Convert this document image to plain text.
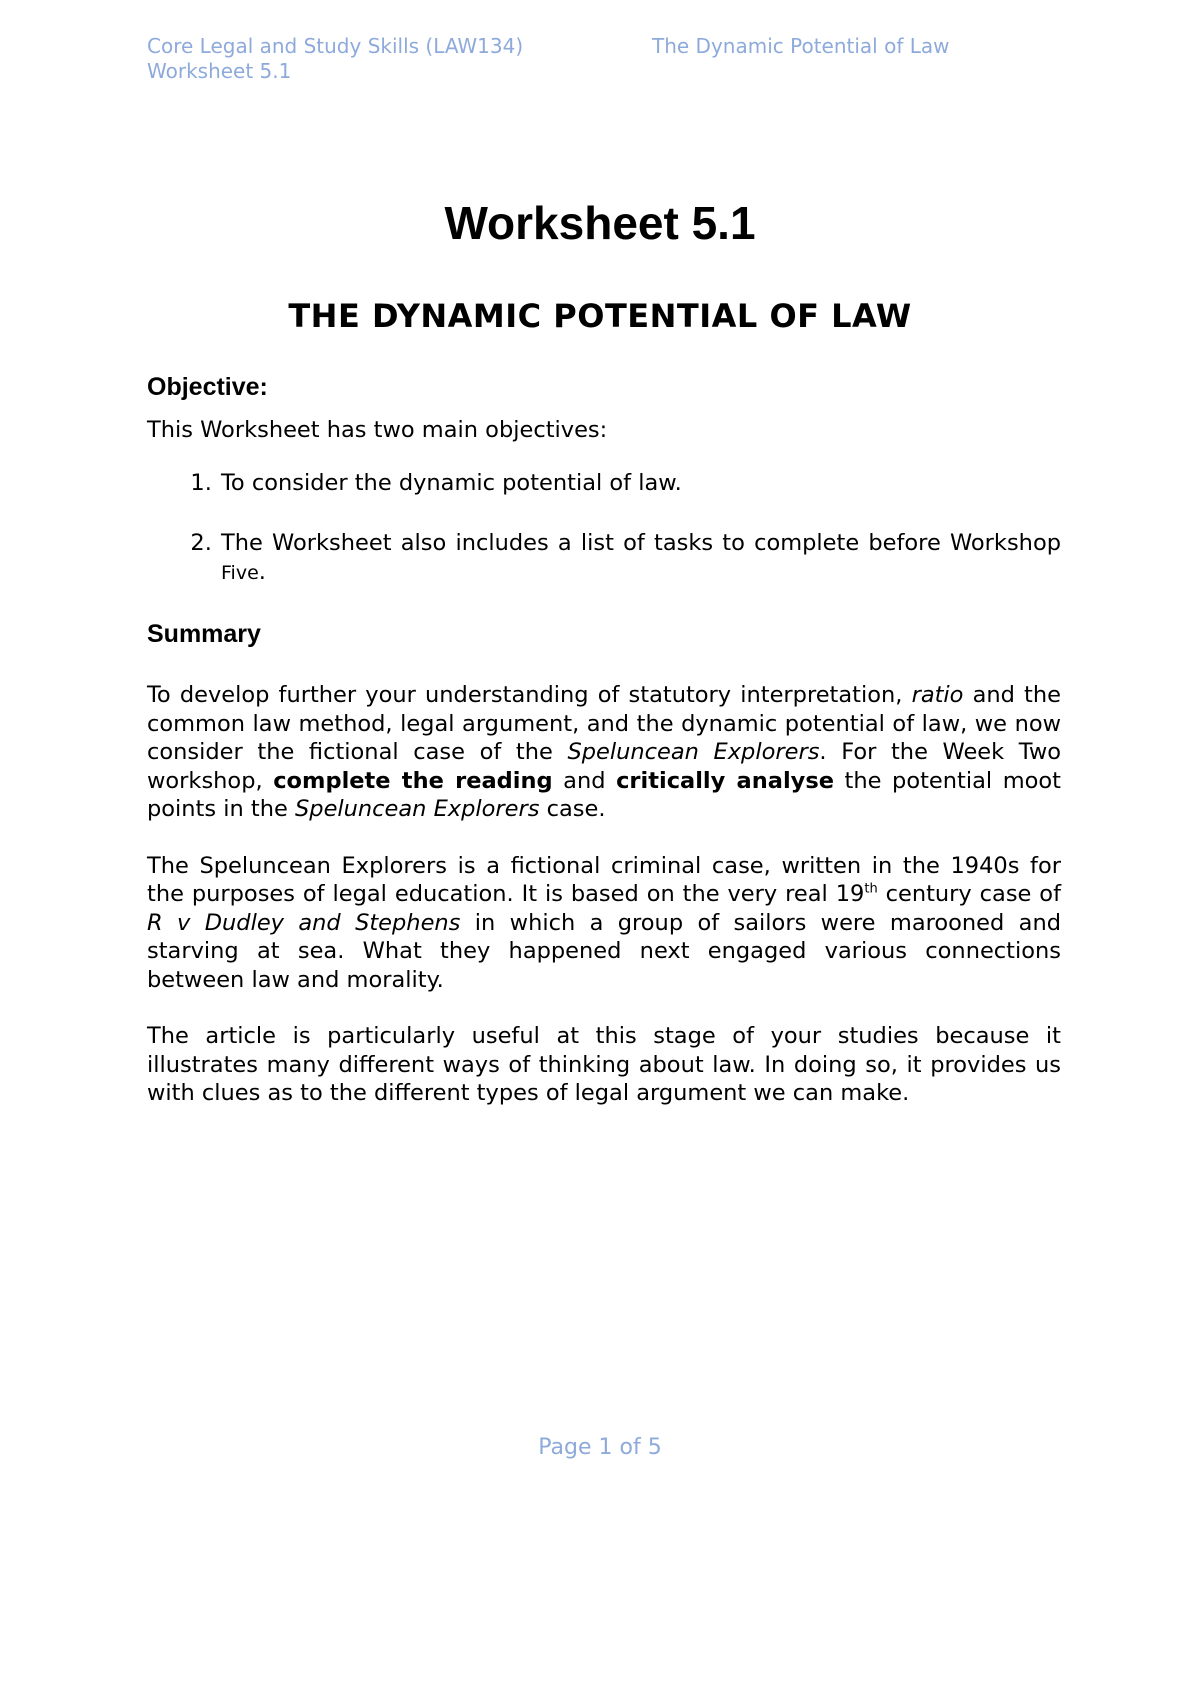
Core Legal and Study Skills (LAW134)	The Dynamic Potential of Law
Worksheet 5.1
Worksheet 5.1
THE DYNAMIC POTENTIAL OF LAW
Objective:

This Worksheet has two main objectives:

1. To consider the dynamic potential of law.
2. The Worksheet also includes a list of tasks to complete before Workshop Five.
Summary

To develop further your understanding of statutory interpretation, ratio and the common law method, legal argument, and the dynamic potential of law, we now consider the fictional case of the Speluncean Explorers. For the Week Two workshop, complete the reading and critically analyse the potential moot points in the Speluncean Explorers case.

The Speluncean Explorers is a fictional criminal case, written in the 1940s for the purposes of legal education. It is based on the very real 19th century case of R v Dudley and Stephens in which a group of sailors were marooned and starving at sea. What they happened next engaged various connections between law and morality.

The article is particularly useful at this stage of your studies because it illustrates many different ways of thinking about law. In doing so, it provides us with clues as to the different types of legal argument we can make.

Page 1 of 5
